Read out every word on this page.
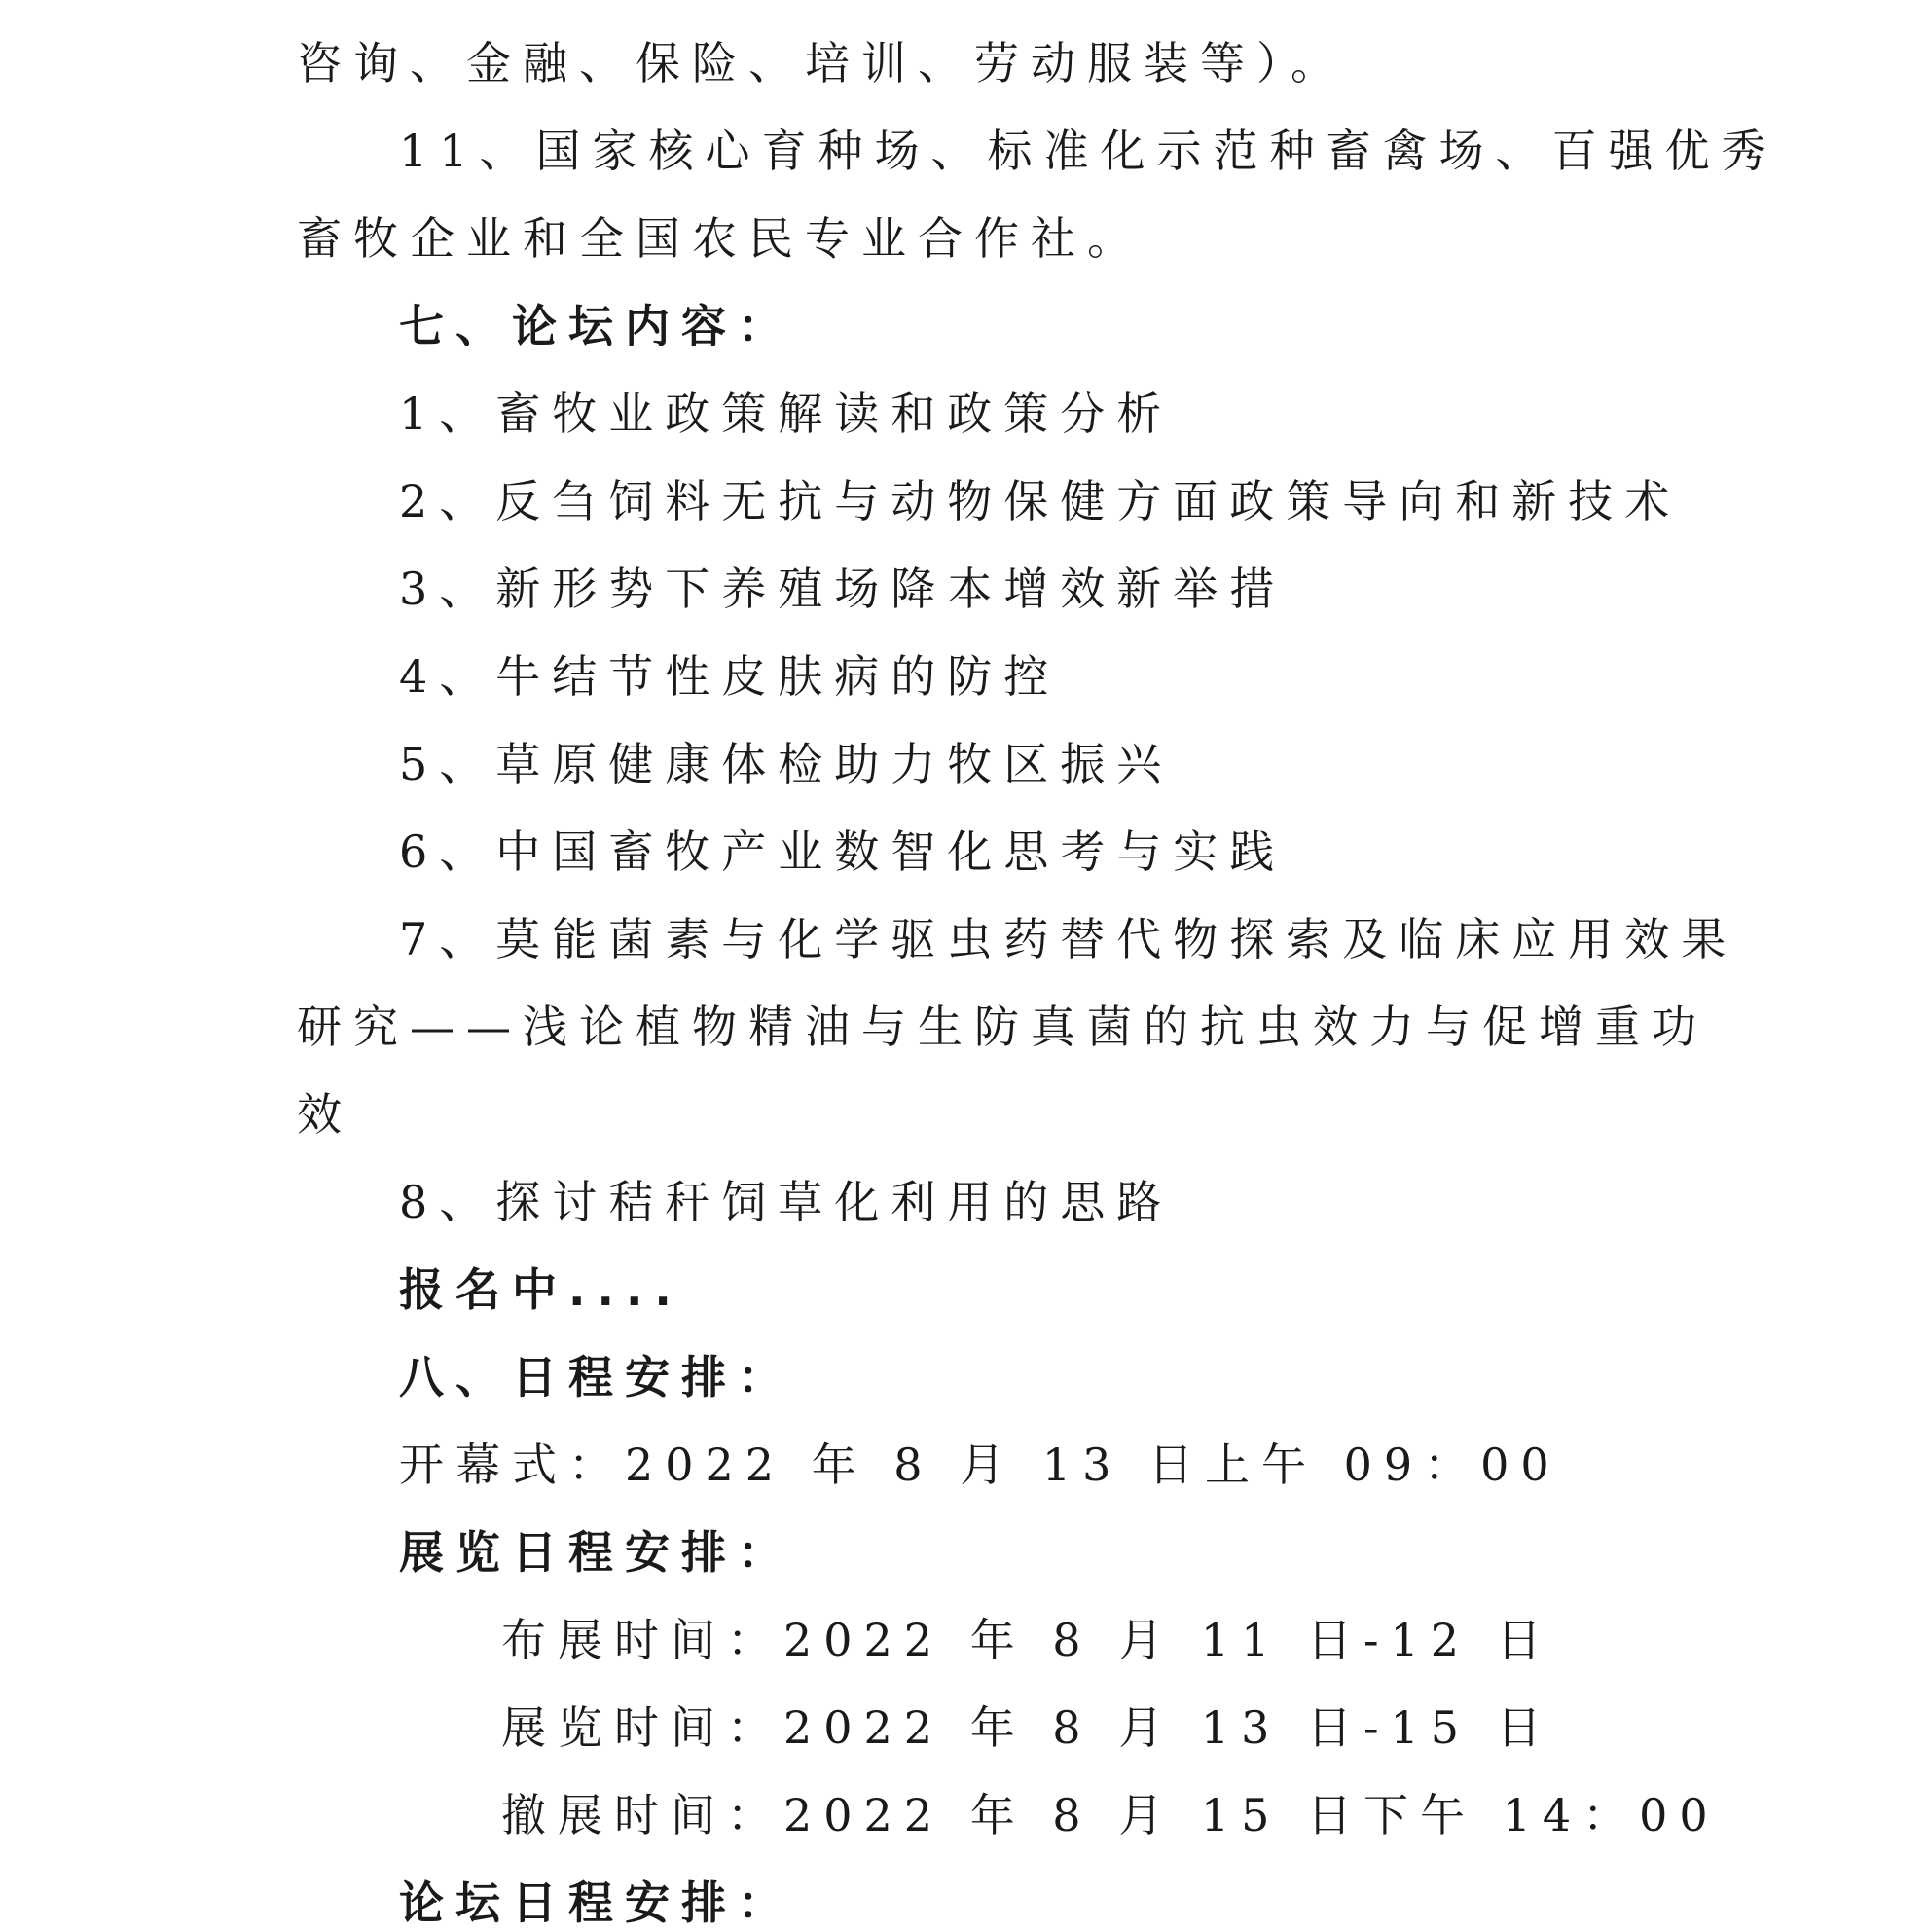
咨询、金融、保险、培训、劳动服装等）。
11、国家核心育种场、标准化示范种畜禽场、百强优秀
畜牧企业和全国农民专业合作社。
七、论坛内容：
1、畜牧业政策解读和政策分析
2、反刍饲料无抗与动物保健方面政策导向和新技术
3、新形势下养殖场降本增效新举措
4、牛结节性皮肤病的防控
5、草原健康体检助力牧区振兴
6、中国畜牧产业数智化思考与实践
7、莫能菌素与化学驱虫药替代物探索及临床应用效果
研究——浅论植物精油与生防真菌的抗虫效力与促增重功
效
8、探讨秸秆饲草化利用的思路
报名中....
八、日程安排：
开幕式：2022 年 8 月 13 日上午 09：00
展览日程安排：
布展时间：2022 年 8 月 11 日-12 日
展览时间：2022 年 8 月 13 日-15 日
撤展时间：2022 年 8 月 15 日下午 14：00
论坛日程安排：
